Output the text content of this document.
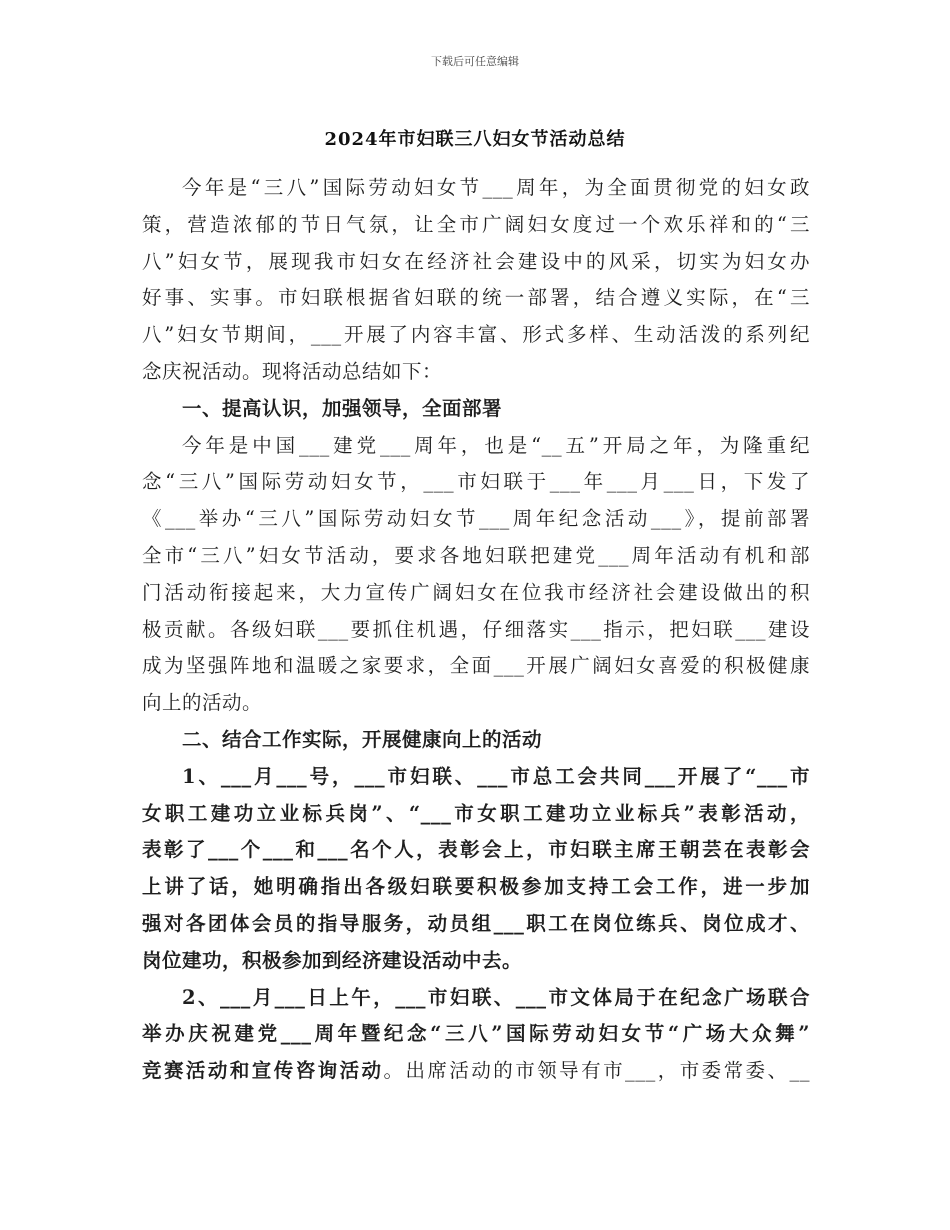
下载后可任意编辑
2024年市妇联三八妇女节活动总结
今年是“三八”国际劳动妇女节___周年，为全面贯彻党的妇女政
策，营造浓郁的节日气氛，让全市广阔妇女度过一个欢乐祥和的“三
八”妇女节，展现我市妇女在经济社会建设中的风采，切实为妇女办
好事、实事。市妇联根据省妇联的统一部署，结合遵义实际，在“三
八”妇女节期间，___开展了内容丰富、形式多样、生动活泼的系列纪
念庆祝活动。现将活动总结如下：
一、提高认识，加强领导，全面部署
今年是中国___建党___周年，也是“__五”开局之年，为隆重纪
念“三八”国际劳动妇女节，___市妇联于___年___月___日，下发了
《___举办“三八”国际劳动妇女节___周年纪念活动___》，提前部署
全市“三八”妇女节活动，要求各地妇联把建党___周年活动有机和部
门活动衔接起来，大力宣传广阔妇女在位我市经济社会建设做出的积
极贡献。各级妇联___要抓住机遇，仔细落实___指示，把妇联___建设
成为坚强阵地和温暖之家要求，全面___开展广阔妇女喜爱的积极健康
向上的活动。
二、结合工作实际，开展健康向上的活动
1、___月___号，___市妇联、___市总工会共同___开展了“___市
女职工建功立业标兵岗”、“___市女职工建功立业标兵”表彰活动，
表彰了___个___和___名个人，表彰会上，市妇联主席王朝芸在表彰会
上讲了话，她明确指出各级妇联要积极参加支持工会工作，进一步加
强对各团体会员的指导服务，动员组___职工在岗位练兵、岗位成才、
岗位建功，积极参加到经济建设活动中去。
2、___月___日上午，___市妇联、___市文体局于在纪念广场联合
举办庆祝建党___周年暨纪念“三八”国际劳动妇女节“广场大众舞”
竞赛活动和宣传咨询活动。出席活动的市领导有市___，市委常委、__
